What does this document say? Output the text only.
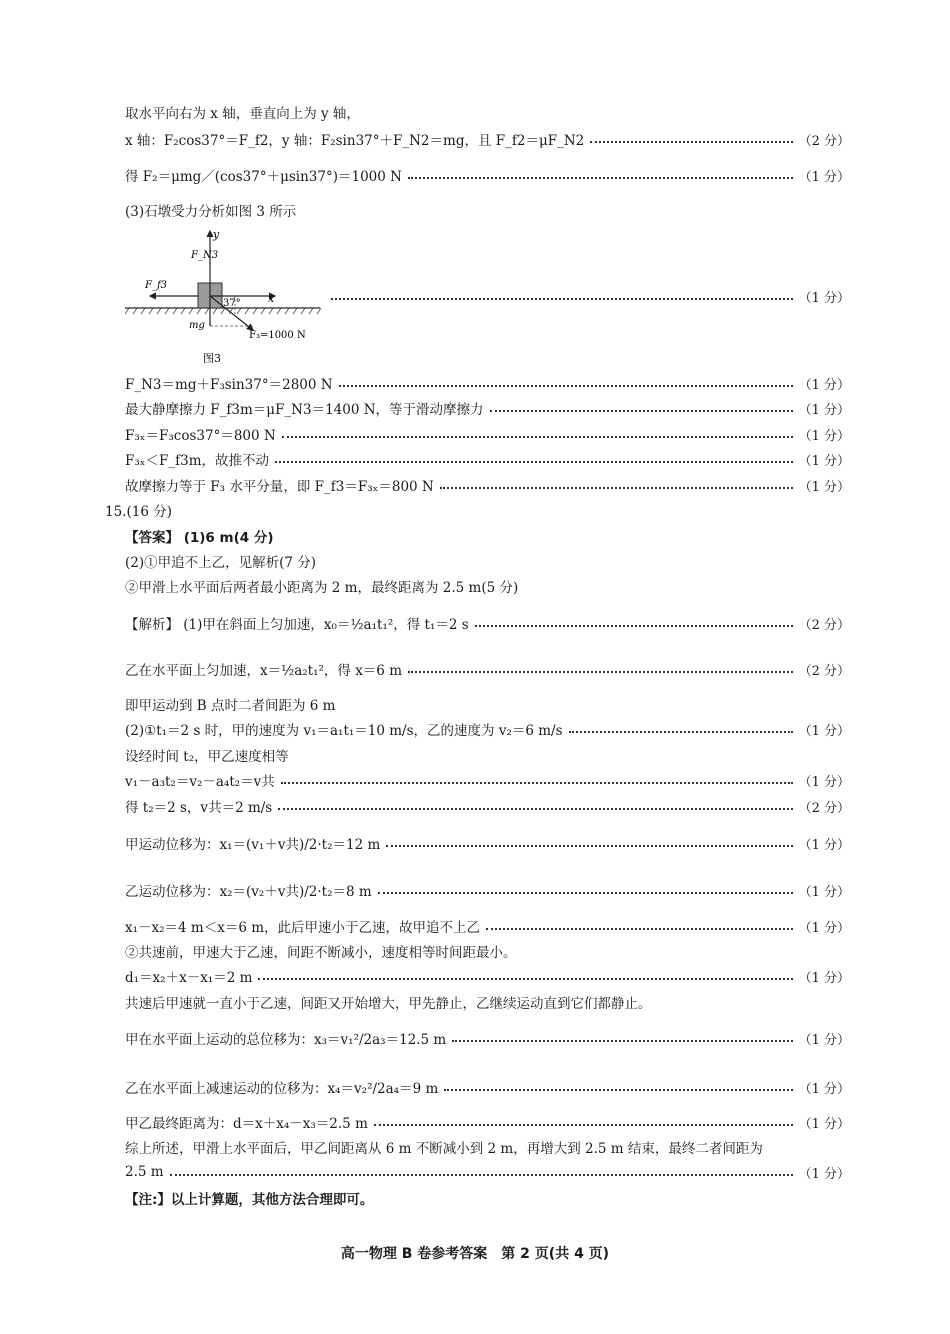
取水平向右为 x 轴，垂直向上为 y 轴，
x 轴：F₂cos37°＝F_f2，y 轴：F₂sin37°＋F_N2＝mg，且 F_f2＝μF_N2	（2 分）
得 F₂＝μmg／(cos37°＋μsin37°)＝1000 N	（1 分）
(3)石墩受力分析如图 3 所示
y
x
F_f3
F_N3
37°
mg
F₃=1000 N
图3
（1 分）
F_N3＝mg＋F₃sin37°＝2800 N	（1 分）
最大静摩擦力 F_f3m＝μF_N3＝1400 N，等于滑动摩擦力	（1 分）
F₃ₓ＝F₃cos37°＝800 N	（1 分）
F₃ₓ＜F_f3m，故推不动	（1 分）
故摩擦力等于 F₃ 水平分量，即 F_f3＝F₃ₓ＝800 N	（1 分）
15.(16 分)
【答案】 (1)6 m(4 分)
(2)①甲追不上乙，见解析(7 分)
②甲滑上水平面后两者最小距离为 2 m，最终距离为 2.5 m(5 分)
【解析】 (1)甲在斜面上匀加速，x₀＝½a₁t₁²，得 t₁＝2 s	（2 分）
乙在水平面上匀加速，x＝½a₂t₁²，得 x＝6 m	（2 分）
即甲运动到 B 点时二者间距为 6 m
(2)①t₁＝2 s 时，甲的速度为 v₁＝a₁t₁＝10 m/s，乙的速度为 v₂＝6 m/s	（1 分）
设经时间 t₂，甲乙速度相等
v₁－a₃t₂＝v₂－a₄t₂＝v共	（1 分）
得 t₂＝2 s，v共＝2 m/s	（2 分）
甲运动位移为：x₁＝(v₁＋v共)/2·t₂＝12 m	（1 分）
乙运动位移为：x₂＝(v₂＋v共)/2·t₂＝8 m	（1 分）
x₁－x₂＝4 m＜x＝6 m，此后甲速小于乙速，故甲追不上乙	（1 分）
②共速前，甲速大于乙速，间距不断减小，速度相等时间距最小。
d₁＝x₂＋x－x₁＝2 m	（1 分）
共速后甲速就一直小于乙速，间距又开始增大，甲先静止，乙继续运动直到它们都静止。
甲在水平面上运动的总位移为：x₃＝v₁²/2a₃＝12.5 m	（1 分）
乙在水平面上减速运动的位移为：x₄＝v₂²/2a₄＝9 m	（1 分）
甲乙最终距离为：d＝x＋x₄－x₃＝2.5 m	（1 分）
综上所述，甲滑上水平面后，甲乙间距离从 6 m 不断减小到 2 m，再增大到 2.5 m 结束，最终二者间距为
2.5 m	（1 分）
【注:】以上计算题，其他方法合理即可。
高一物理 B 卷参考答案　第 2 页(共 4 页)
